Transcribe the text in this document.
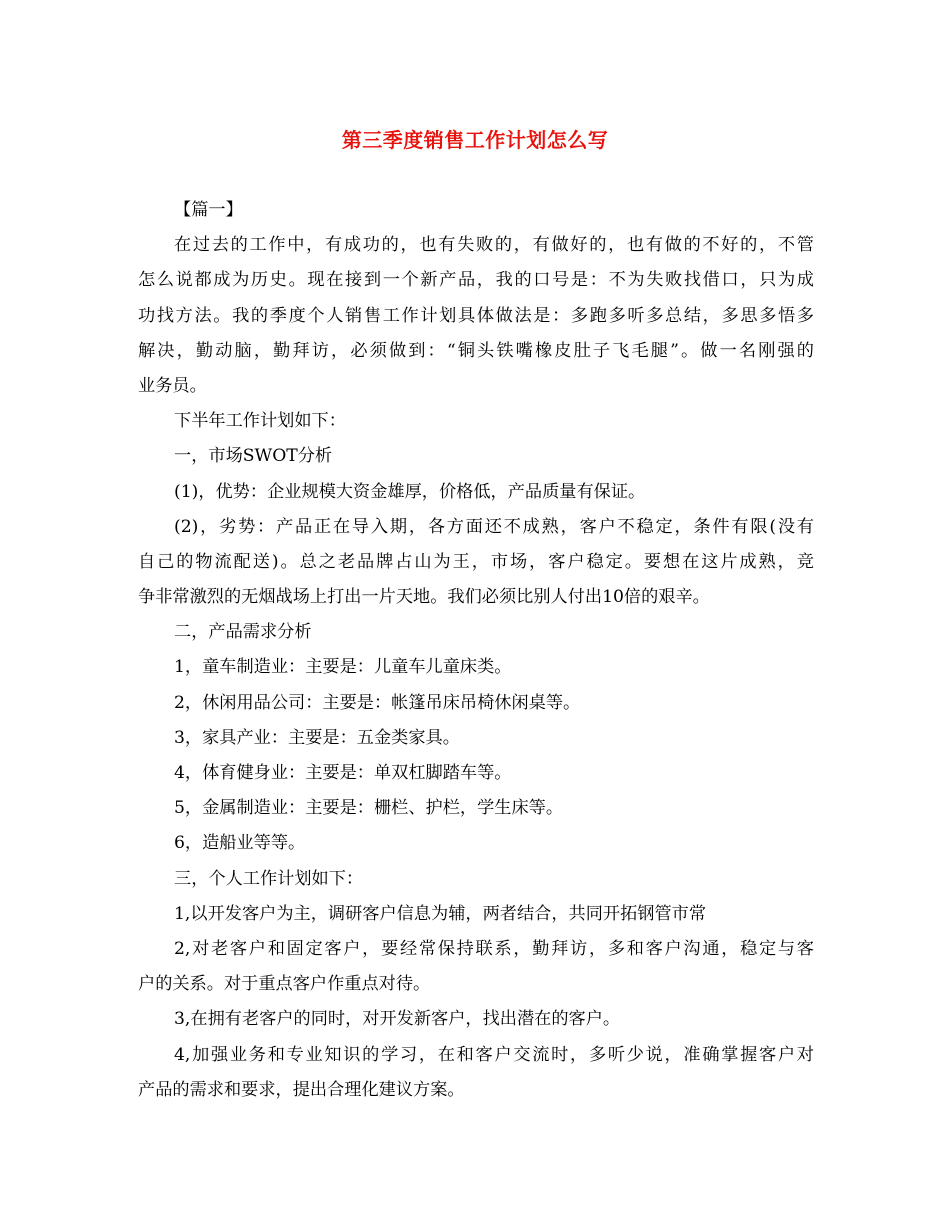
第三季度销售工作计划怎么写
【篇一】
在过去的工作中，有成功的，也有失败的，有做好的，也有做的不好的，不管
怎么说都成为历史。现在接到一个新产品，我的口号是：不为失败找借口，只为成
功找方法。我的季度个人销售工作计划具体做法是：多跑多听多总结，多思多悟多
解决，勤动脑，勤拜访，必须做到：“铜头铁嘴橡皮肚子飞毛腿”。做一名刚强的
业务员。
下半年工作计划如下：
一，市场SWOT分析
(1)，优势：企业规模大资金雄厚，价格低，产品质量有保证。
(2)，劣势：产品正在导入期，各方面还不成熟，客户不稳定，条件有限(没有
自己的物流配送)。总之老品牌占山为王，市场，客户稳定。要想在这片成熟，竞
争非常激烈的无烟战场上打出一片天地。我们必须比别人付出10倍的艰辛。
二，产品需求分析
1，童车制造业：主要是：儿童车儿童床类。
2，休闲用品公司：主要是：帐篷吊床吊椅休闲桌等。
3，家具产业：主要是：五金类家具。
4，体育健身业：主要是：单双杠脚踏车等。
5，金属制造业：主要是：栅栏、护栏，学生床等。
6，造船业等等。
三，个人工作计划如下：
1,以开发客户为主，调研客户信息为辅，两者结合，共同开拓钢管市常
2,对老客户和固定客户，要经常保持联系，勤拜访，多和客户沟通，稳定与客
户的关系。对于重点客户作重点对待。
3,在拥有老客户的同时，对开发新客户，找出潜在的客户。
4,加强业务和专业知识的学习，在和客户交流时，多听少说，准确掌握客户对
产品的需求和要求，提出合理化建议方案。
